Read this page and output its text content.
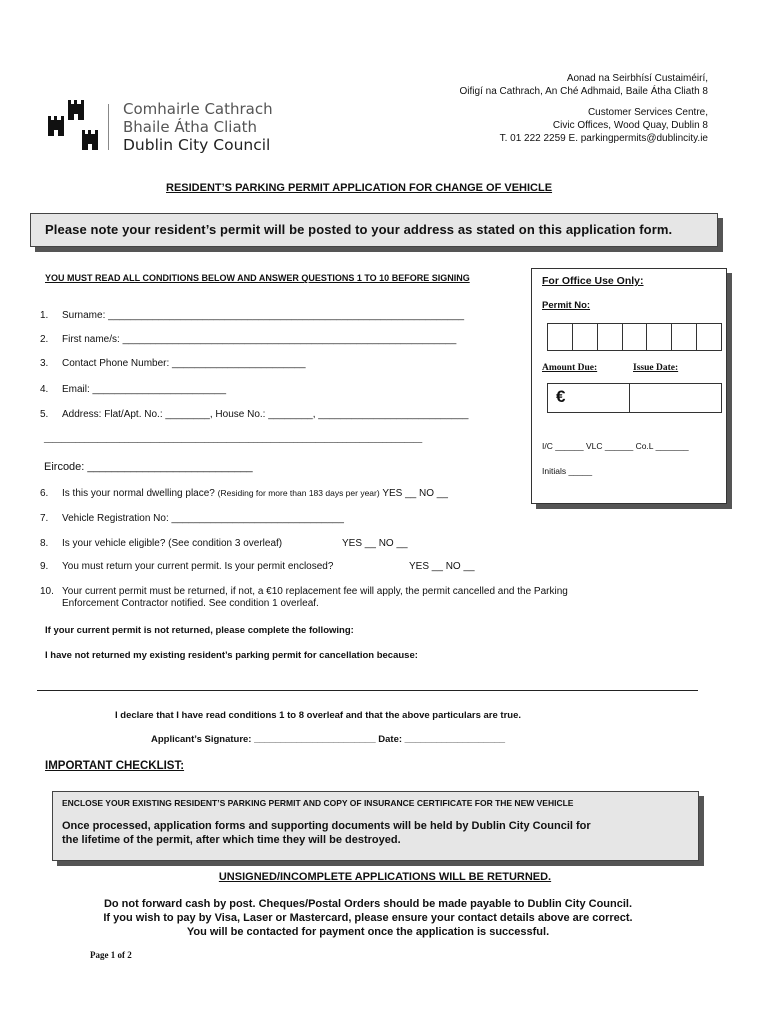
Aonad na Seirbhísí Custaiméirí,
Oifigí na Cathrach, An Ché Adhmaid, Baile Átha Cliath 8
Customer Services Centre,
Civic Offices, Wood Quay, Dublin 8
T. 01 222 2259 E. parkingpermits@dublincity.ie
Comhairle Cathrach
Bhaile Átha Cliath
Dublin City Council
RESIDENT’S PARKING PERMIT APPLICATION FOR CHANGE OF VEHICLE
Please note your resident’s permit will be posted to your address as stated on this application form.
YOU MUST READ ALL CONDITIONS BELOW AND ANSWER QUESTIONS 1 TO 10 BEFORE SIGNING	For Office Use Only:
Permit No:
Amount Due:	Issue Date:
€
I/C ______ VLC ______ Co.L _______
Initials _____
1. Surname: ________________________________________________________________
2. First name/s: ____________________________________________________________
3. Contact Phone Number: ________________________
4. Email: ________________________
5. Address: Flat/Apt. No.: ________, House No.: ________, ___________________________
_____________________________________________________________________________________
Eircode: ___________________________
6. Is this your normal dwelling place? (Residing for more than 183 days per year) YES __ NO __
7. Vehicle Registration No: _______________________________
8. Is your vehicle eligible? (See condition 3 overleaf)	YES __ NO __
9. You must return your current permit. Is your permit enclosed?	YES __ NO __
10. Your current permit must be returned, if not, a €10 replacement fee will apply, the permit cancelled and the Parking
Enforcement Contractor notified. See condition 1 overleaf.
If your current permit is not returned, please complete the following:
I have not returned my existing resident’s parking permit for cancellation because:
I declare that I have read conditions 1 to 8 overleaf and that the above particulars are true.
Applicant’s Signature: _______________________ Date: ___________________
IMPORTANT CHECKLIST:
ENCLOSE YOUR EXISTING RESIDENT’S PARKING PERMIT AND COPY OF INSURANCE CERTIFICATE FOR THE NEW VEHICLE
Once processed, application forms and supporting documents will be held by Dublin City Council for
the lifetime of the permit, after which time they will be destroyed.
UNSIGNED/INCOMPLETE APPLICATIONS WILL BE RETURNED.
Do not forward cash by post. Cheques/Postal Orders should be made payable to Dublin City Council.
If you wish to pay by Visa, Laser or Mastercard, please ensure your contact details above are correct.
You will be contacted for payment once the application is successful.
Page 1 of 2
